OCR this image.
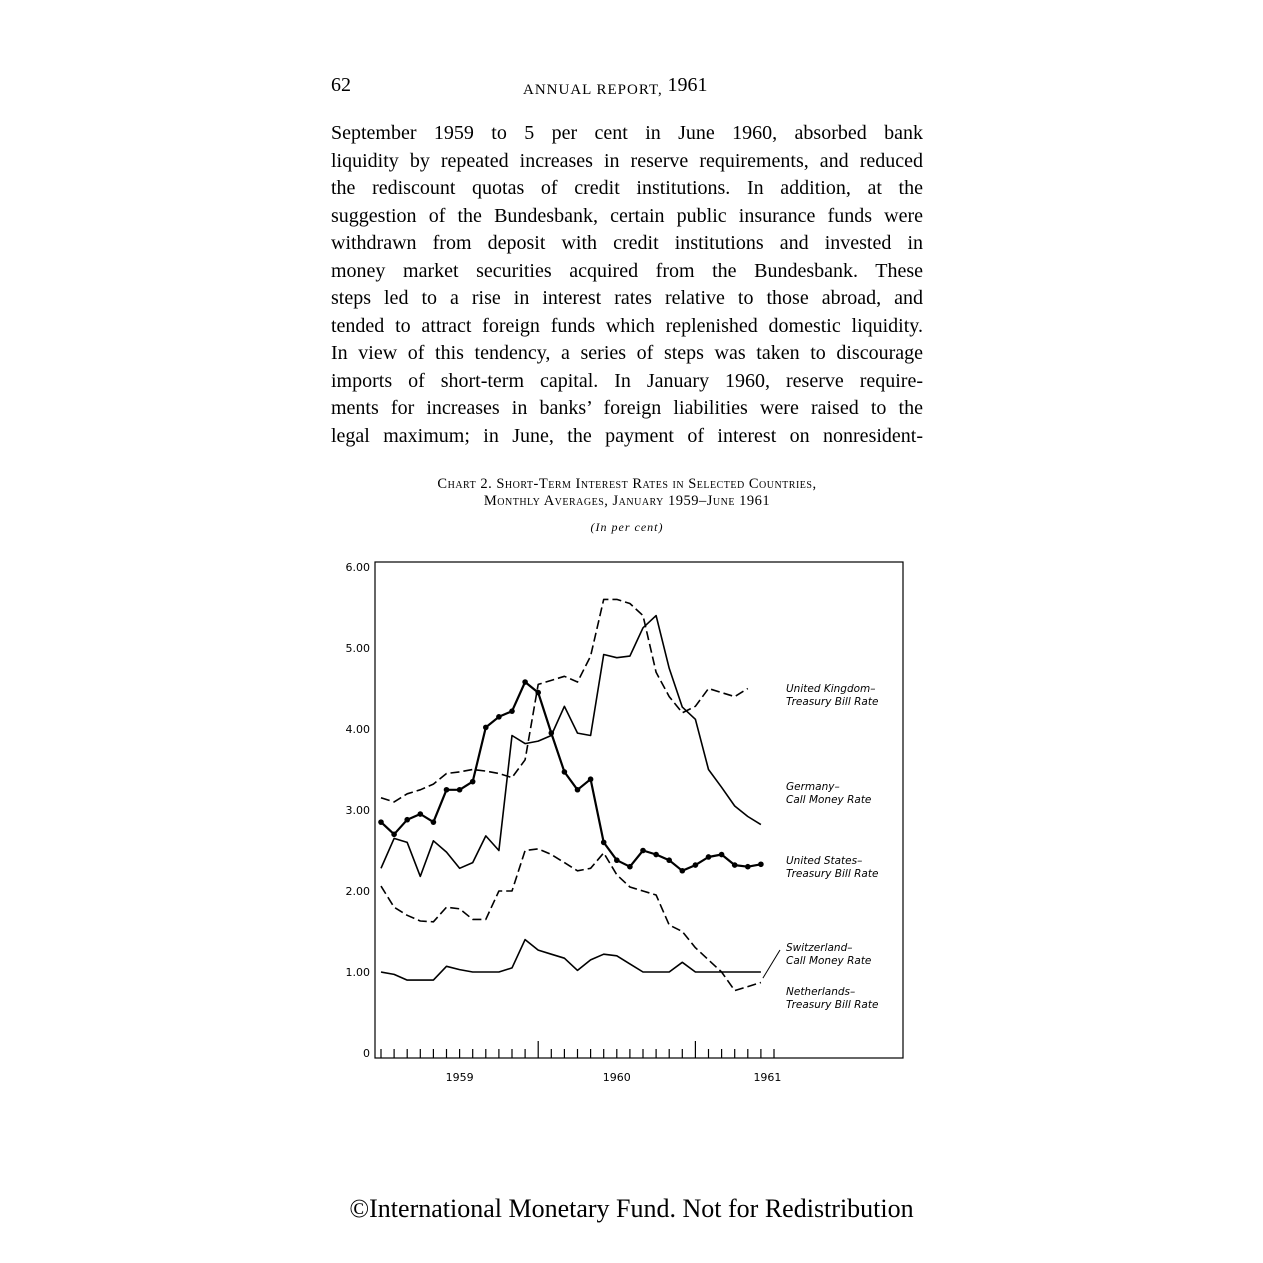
62	ANNUAL REPORT, 1961
September 1959 to 5 per cent in June 1960, absorbed bank
liquidity by repeated increases in reserve requirements, and reduced
the rediscount quotas of credit institutions. In addition, at the
suggestion of the Bundesbank, certain public insurance funds were
withdrawn from deposit with credit institutions and invested in
money market securities acquired from the Bundesbank. These
steps led to a rise in interest rates relative to those abroad, and
tended to attract foreign funds which replenished domestic liquidity.
In view of this tendency, a series of steps was taken to discourage
imports of short-term capital. In January 1960, reserve require-
ments for increases in banks’ foreign liabilities were raised to the
legal maximum; in June, the payment of interest on nonresident-
Chart 2. Short-Term Interest Rates in Selected Countries,
Monthly Averages, January 1959–June 1961
(In per cent)
0
1.00
2.00
3.00
4.00
5.00
6.00
1959	1960	1961
United Kingdom–
Treasury Bill Rate
Germany–
Call Money Rate
United States–
Treasury Bill Rate
Switzerland–
Call Money Rate
Netherlands–
Treasury Bill Rate
©International Monetary Fund. Not for Redistribution
